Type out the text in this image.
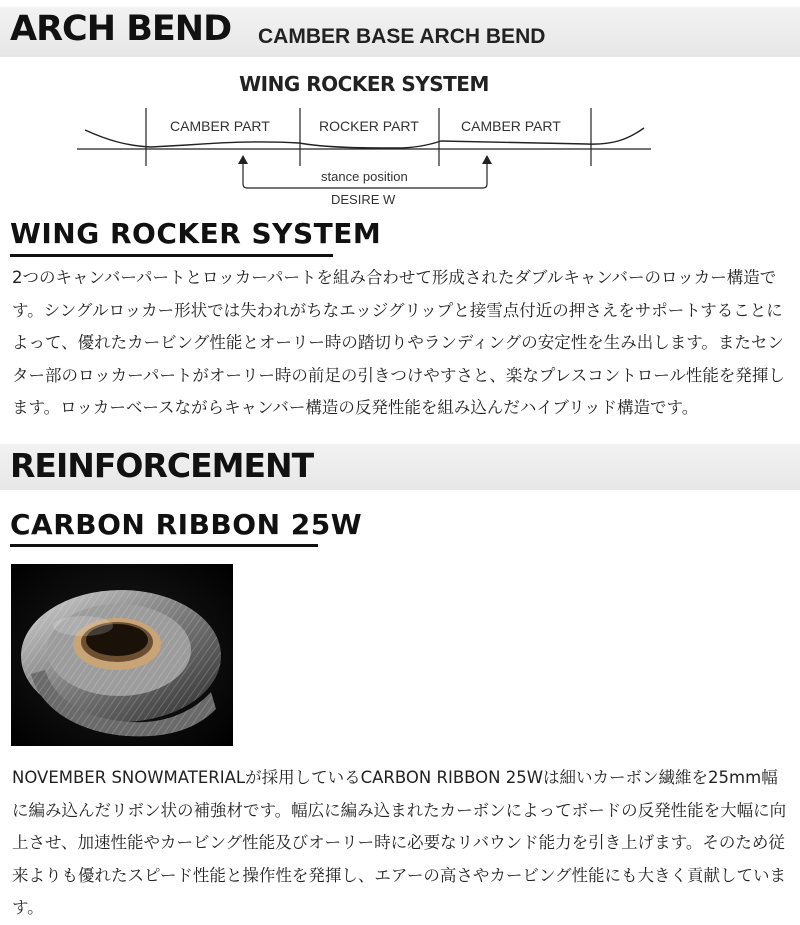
ARCH BEND CAMBER BASE ARCH BEND
WING ROCKER SYSTEM
CAMBER PART	ROCKER PART	CAMBER PART
stance position
DESIRE W
WING ROCKER SYSTEM
2つのキャンバーパートとロッカーパートを組み合わせて形成されたダブルキャンバーのロッカー構造です。シングルロッカー形状では失われがちなエッジグリップと接雪点付近の押さえをサポートすることによって、優れたカービング性能とオーリー時の踏切りやランディングの安定性を生み出します。またセンター部のロッカーパートがオーリー時の前足の引きつけやすさと、楽なプレスコントロール性能を発揮します。ロッカーベースながらキャンバー構造の反発性能を組み込んだハイブリッド構造です。
REINFORCEMENT
CARBON RIBBON 25W
NOVEMBER SNOWMATERIALが採用しているCARBON RIBBON 25Wは細いカーボン繊維を25mm幅に編み込んだリボン状の補強材です。幅広に編み込まれたカーボンによってボードの反発性能を大幅に向上させ、加速性能やカービング性能及びオーリー時に必要なリバウンド能力を引き上げます。そのため従来よりも優れたスピード性能と操作性を発揮し、エアーの高さやカービング性能にも大きく貢献しています。
